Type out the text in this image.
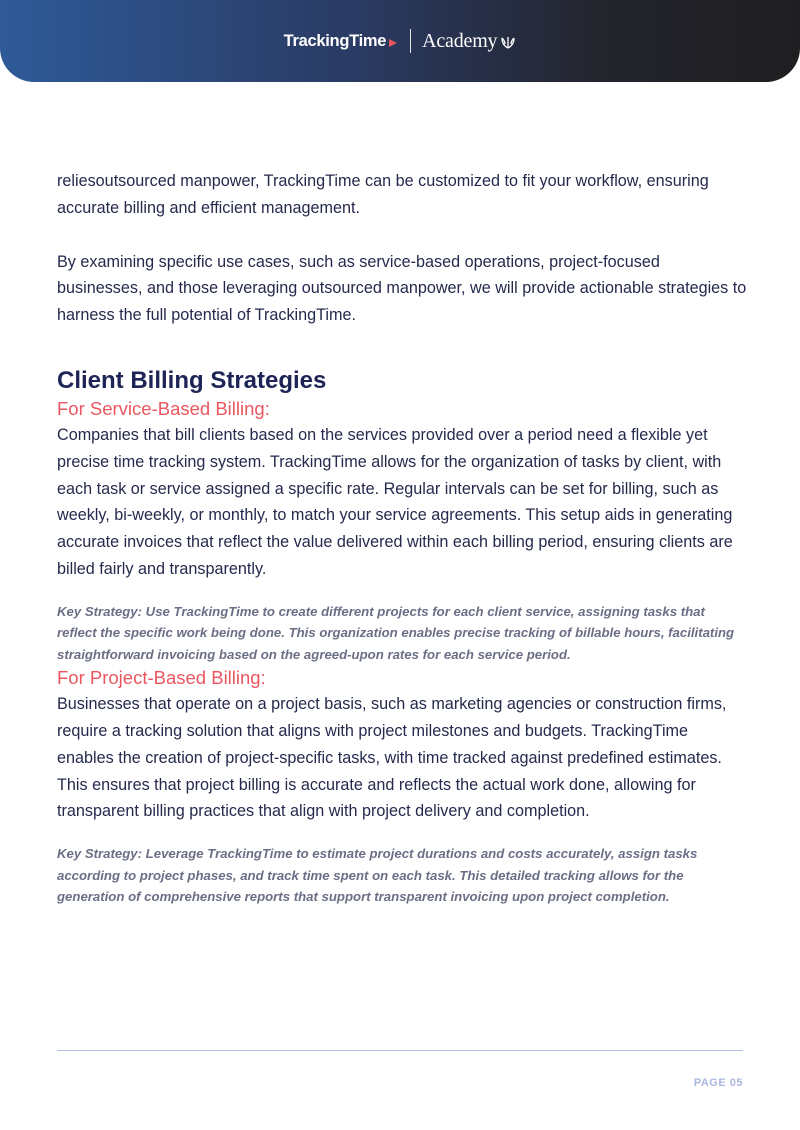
TrackingTime Academy

reliesoutsourced manpower, TrackingTime can be customized to fit your workflow, ensuring accurate billing and efficient management.

By examining specific use cases, such as service-based operations, project-focused businesses, and those leveraging outsourced manpower, we will provide actionable strategies to harness the full potential of TrackingTime.

Client Billing Strategies
For Service-Based Billing:

Companies that bill clients based on the services provided over a period need a flexible yet precise time tracking system. TrackingTime allows for the organization of tasks by client, with each task or service assigned a specific rate. Regular intervals can be set for billing, such as weekly, bi-weekly, or monthly, to match your service agreements. This setup aids in generating accurate invoices that reflect the value delivered within each billing period, ensuring clients are billed fairly and transparently.

Key Strategy: Use TrackingTime to create different projects for each client service, assigning tasks that reflect the specific work being done. This organization enables precise tracking of billable hours, facilitating straightforward invoicing based on the agreed-upon rates for each service period.

For Project-Based Billing:

Businesses that operate on a project basis, such as marketing agencies or construction firms, require a tracking solution that aligns with project milestones and budgets. TrackingTime enables the creation of project-specific tasks, with time tracked against predefined estimates. This ensures that project billing is accurate and reflects the actual work done, allowing for transparent billing practices that align with project delivery and completion.

Key Strategy: Leverage TrackingTime to estimate project durations and costs accurately, assign tasks according to project phases, and track time spent on each task. This detailed tracking allows for the generation of comprehensive reports that support transparent invoicing upon project completion.

PAGE 05
